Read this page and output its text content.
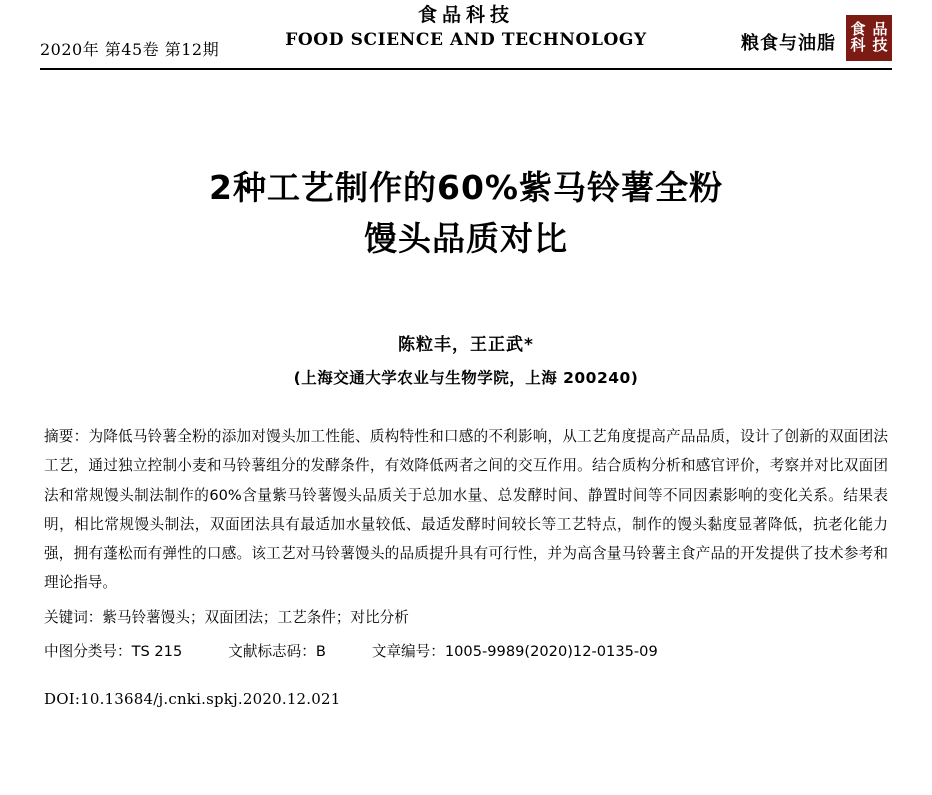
2020年 第45卷 第12期
食品科技
FOOD SCIENCE AND TECHNOLOGY	粮食与油脂
食 品
科 技
2种工艺制作的60%紫马铃薯全粉
馒头品质对比
陈粒丰，王正武*
(上海交通大学农业与生物学院，上海 200240)
摘要：为降低马铃薯全粉的添加对馒头加工性能、质构特性和口感的不利影响，从工艺角度提高产品品质，设计了创新的双面团法工艺，通过独立控制小麦和马铃薯组分的发酵条件，有效降低两者之间的交互作用。结合质构分析和感官评价，考察并对比双面团法和常规馒头制法制作的60%含量紫马铃薯馒头品质关于总加水量、总发酵时间、静置时间等不同因素影响的变化关系。结果表明，相比常规馒头制法，双面团法具有最适加水量较低、最适发酵时间较长等工艺特点，制作的馒头黏度显著降低，抗老化能力强，拥有蓬松而有弹性的口感。该工艺对马铃薯馒头的品质提升具有可行性，并为高含量马铃薯主食产品的开发提供了技术参考和理论指导。
关键词：紫马铃薯馒头；双面团法；工艺条件；对比分析
中图分类号：TS 215	文献标志码：B	文章编号：1005-9989(2020)12-0135-09
DOI:10.13684/j.cnki.spkj.2020.12.021
